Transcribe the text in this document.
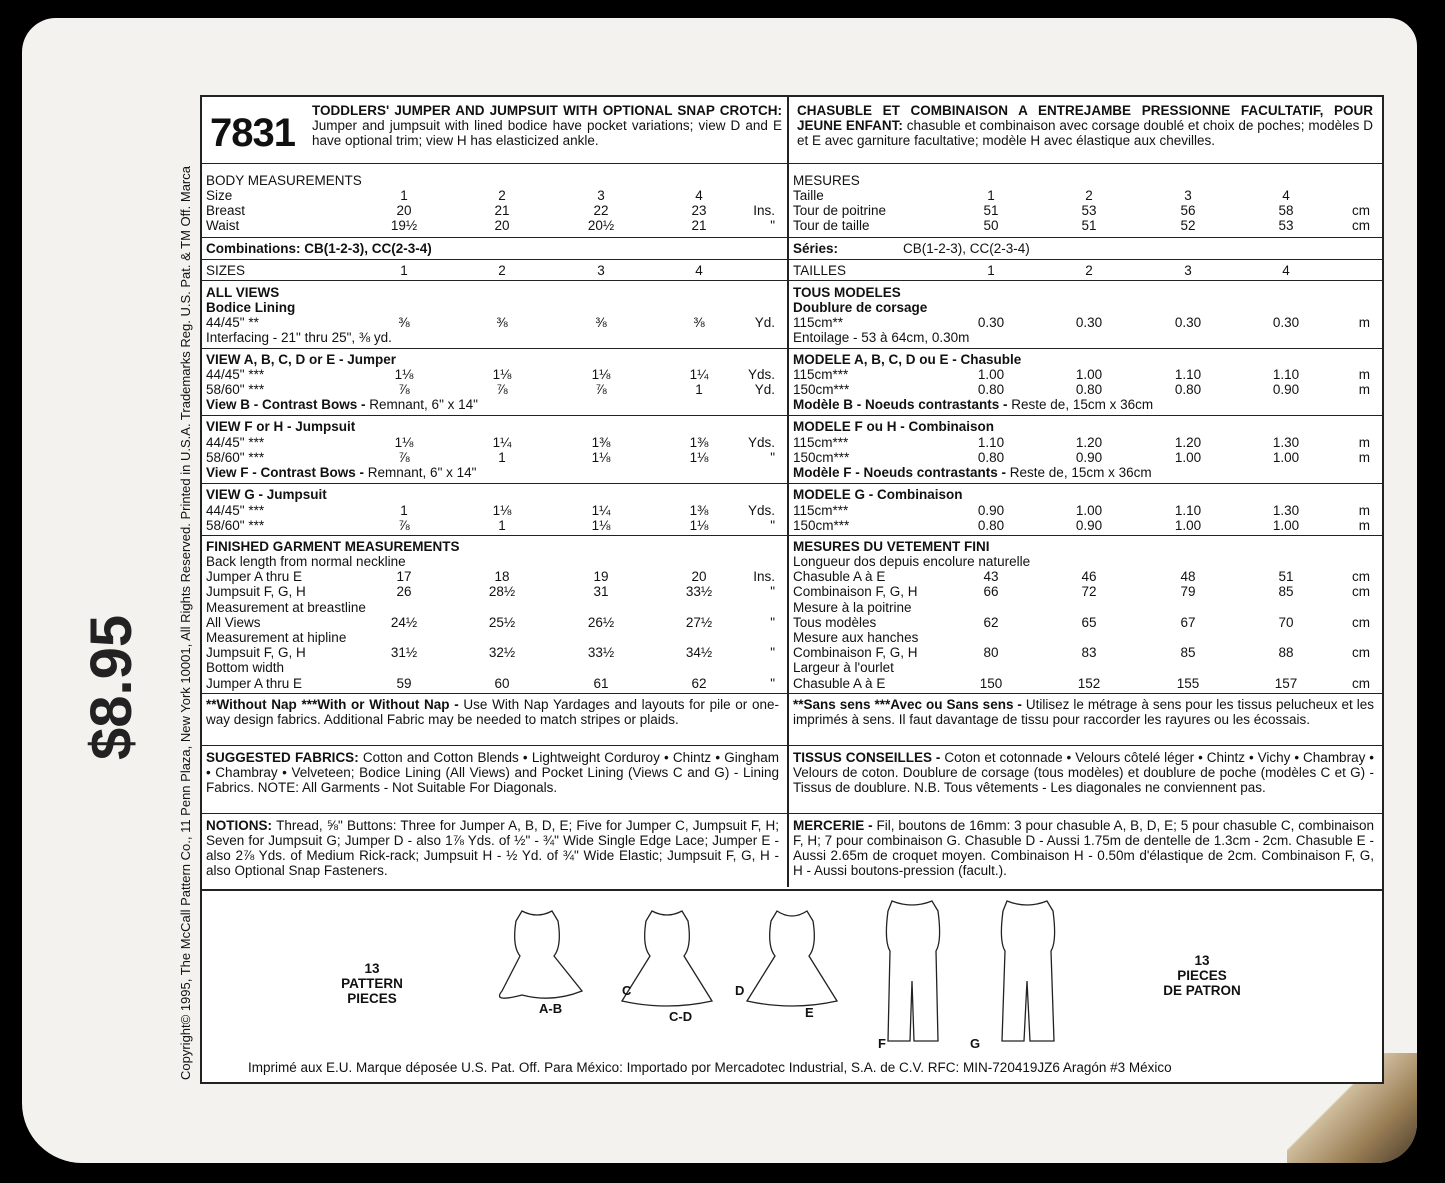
$8.95	Copyright© 1995, The McCall Pattern Co., 11 Penn Plaza, New York 10001, All Rights Reserved. Printed in U.S.A. Trademarks Reg. U.S. Pat. & TM Off. Marca
7831
TODDLERS' JUMPER AND JUMPSUIT WITH OPTIONAL SNAP CROTCH: Jumper and jumpsuit with lined bodice have pocket variations; view D and E have optional trim; view H has elasticized ankle.
BODY MEASUREMENTS
Size	1	2	3	4
Breast	20	21	22	23	Ins.
Waist	19½	20	20½	21	"
Combinations: CB(1-2-3), CC(2-3-4)
SIZES	1	2	3	4
ALL VIEWS
Bodice Lining
44/45" **	⅜	⅜	⅜	⅜	Yd.
Interfacing - 21" thru 25", ⅜ yd.
VIEW A, B, C, D or E - Jumper
44/45" ***	1⅛	1⅛	1⅛	1¼	Yds.
58/60" ***	⅞	⅞	⅞	1	Yd.
View B - Contrast Bows - Remnant, 6" x 14"
VIEW F or H - Jumpsuit
44/45" ***	1⅛	1¼	1⅜	1⅜	Yds.
58/60" ***	⅞	1	1⅛	1⅛	"
View F - Contrast Bows - Remnant, 6" x 14"
VIEW G - Jumpsuit
44/45" ***	1	1⅛	1¼	1⅜	Yds.
58/60" ***	⅞	1	1⅛	1⅛	"
FINISHED GARMENT MEASUREMENTS
Back length from normal neckline
Jumper A thru E	17	18	19	20	Ins.
Jumpsuit F, G, H	26	28½	31	33½	"
Measurement at breastline
All Views	24½	25½	26½	27½	"
Measurement at hipline
Jumpsuit F, G, H	31½	32½	33½	34½	"
Bottom width
Jumper A thru E	59	60	61	62	"
**Without Nap ***With or Without Nap - Use With Nap Yardages and layouts for pile or one-way design fabrics. Additional Fabric may be needed to match stripes or plaids.
SUGGESTED FABRICS: Cotton and Cotton Blends • Lightweight Corduroy • Chintz • Gingham • Chambray • Velveteen; Bodice Lining (All Views) and Pocket Lining (Views C and G) - Lining Fabrics. NOTE: All Garments - Not Suitable For Diagonals.
NOTIONS: Thread, ⅝" Buttons: Three for Jumper A, B, D, E; Five for Jumper C, Jumpsuit F, H; Seven for Jumpsuit G; Jumper D - also 1⅞ Yds. of ½" - ¾" Wide Single Edge Lace; Jumper E - also 2⅞ Yds. of Medium Rick-rack; Jumpsuit H - ½ Yd. of ¾" Wide Elastic; Jumpsuit F, G, H - also Optional Snap Fasteners.
CHASUBLE ET COMBINAISON A ENTREJAMBE PRESSIONNE FACULTATIF, POUR JEUNE ENFANT: chasuble et combinaison avec corsage doublé et choix de poches; modèles D et E avec garniture facultative; modèle H avec élastique aux chevilles.
MESURES
Taille	1	2	3	4
Tour de poitrine	51	53	56	58	cm
Tour de taille	50	51	52	53	cm
Séries:	CB(1-2-3), CC(2-3-4)
TAILLES	1	2	3	4
TOUS MODELES
Doublure de corsage
115cm**	0.30	0.30	0.30	0.30	m
Entoilage - 53 à 64cm, 0.30m
MODELE A, B, C, D ou E - Chasuble
115cm***	1.00	1.00	1.10	1.10	m
150cm***	0.80	0.80	0.80	0.90	m
Modèle B - Noeuds contrastants - Reste de, 15cm x 36cm
MODELE F ou H - Combinaison
115cm***	1.10	1.20	1.20	1.30	m
150cm***	0.80	0.90	1.00	1.00	m
Modèle F - Noeuds contrastants - Reste de, 15cm x 36cm
MODELE G - Combinaison
115cm***	0.90	1.00	1.10	1.30	m
150cm***	0.80	0.90	1.00	1.00	m
MESURES DU VETEMENT FINI
Longueur dos depuis encolure naturelle
Chasuble A à E	43	46	48	51	cm
Combinaison F, G, H	66	72	79	85	cm
Mesure à la poitrine
Tous modèles	62	65	67	70	cm
Mesure aux hanches
Combinaison F, G, H	80	83	85	88	cm
Largeur à l'ourlet
Chasuble A à E	150	152	155	157	cm
**Sans sens ***Avec ou Sans sens - Utilisez le métrage à sens pour les tissus pelucheux et les imprimés à sens. Il faut davantage de tissu pour raccorder les rayures ou les écossais.
TISSUS CONSEILLES - Coton et cotonnade • Velours côtelé léger • Chintz • Vichy • Chambray • Velours de coton. Doublure de corsage (tous modèles) et doublure de poche (modèles C et G) - Tissus de doublure. N.B. Tous vêtements - Les diagonales ne conviennent pas.
MERCERIE - Fil, boutons de 16mm: 3 pour chasuble A, B, D, E; 5 pour chasuble C, combinaison F, H; 7 pour combinaison G. Chasuble D - Aussi 1.75m de dentelle de 1.3cm - 2cm. Chasuble E - Aussi 2.65m de croquet moyen. Combinaison H - 0.50m d'élastique de 2cm. Combinaison F, G, H - Aussi boutons-pression (facult.).
13
PATTERN
PIECES
13
PIECES
DE PATRON
A-B
C
C-D
D
E
F	G
Imprimé aux E.U. Marque déposée U.S. Pat. Off. Para México: Importado por Mercadotec Industrial, S.A. de C.V. RFC: MIN-720419JZ6 Aragón #3 México
